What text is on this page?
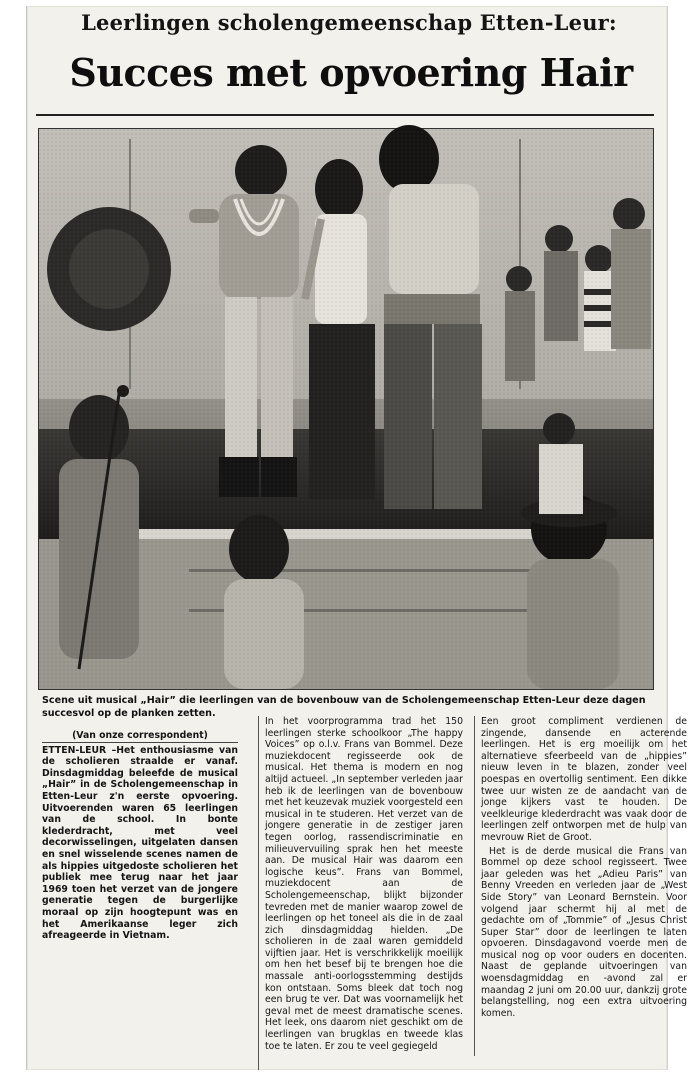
Leerlingen scholengemeenschap Etten-Leur:
Succes met opvoering Hair
Scene uit musical „Hair” die leerlingen van de bovenbouw van de Scholengemeenschap Etten-Leur deze dagen succesvol op de planken zetten.
(Van onze correspondent)
ETTEN-LEUR –Het enthousiasme van de scholieren straalde er vanaf. Dinsdagmiddag beleefde de musical „Hair” in de Scholengemeenschap in Etten-Leur z'n eerste opvoering. Uitvoerenden waren 65 leerlingen van de school. In bonte klederdracht, met veel decorwisselingen, uitgelaten dansen en snel wisselende scenes namen de als hippies uitgedoste scholieren het publiek mee terug naar het jaar 1969 toen het verzet van de jongere generatie tegen de burgerlijke moraal op zijn hoogtepunt was en het Amerikaanse leger zich afreageerde in Vietnam.
In het voorprogramma trad het 150 leerlingen sterke schoolkoor „The happy Voices” op o.l.v. Frans van Bommel. Deze muziekdocent regisseerde ook de musical. Het thema is modern en nog altijd actueel. „In september verleden jaar heb ik de leerlingen van de bovenbouw met het keuzevak muziek voorgesteld een musical in te studeren. Het verzet van de jongere generatie in de zestiger jaren tegen oorlog, rassendiscriminatie en milieuvervuiling sprak hen het meeste aan. De musical Hair was daarom een logische keus”. Frans van Bommel, muziekdocent aan de Scholengemeenschap, blijkt bijzonder tevreden met de manier waarop zowel de leerlingen op het toneel als die in de zaal zich dinsdagmiddag hielden. „De scholieren in de zaal waren gemiddeld vijftien jaar. Het is verschrikkelijk moeilijk om hen het besef bij te brengen hoe die massale anti-oorlogsstemming destijds kon ontstaan. Soms bleek dat toch nog een brug te ver. Dat was voornamelijk het geval met de meest dramatische scenes. Het leek, ons daarom niet geschikt om de leerlingen van brugklas en tweede klas toe te laten. Er zou te veel gegiegeld
Een groot compliment verdienen de zingende, dansende en acterende leerlingen. Het is erg moeilijk om het alternatieve sfeerbeeld van de „hippies” nieuw leven in te blazen, zonder veel poespas en overtollig sentiment. Een dikke twee uur wisten ze de aandacht van de jonge kijkers vast te houden. De veelkleurige klederdracht was vaak door de leerlingen zelf ontworpen met de hulp van mevrouw Riet de Groot.
Het is de derde musical die Frans van Bommel op deze school regisseert. Twee jaar geleden was het „Adieu Paris” van Benny Vreeden en verleden jaar de „West Side Story” van Leonard Bernstein. Voor volgend jaar schermt hij al met de gedachte om of „Tommie” of „Jesus Christ Super Star” door de leerlingen te laten opvoeren. Dinsdagavond voerde men de musical nog op voor ouders en docenten. Naast de geplande uitvoeringen van woensdagmiddag en -avond zal er maandag 2 juni om 20.00 uur, dankzij grote belangstelling, nog een extra uitvoering komen.
